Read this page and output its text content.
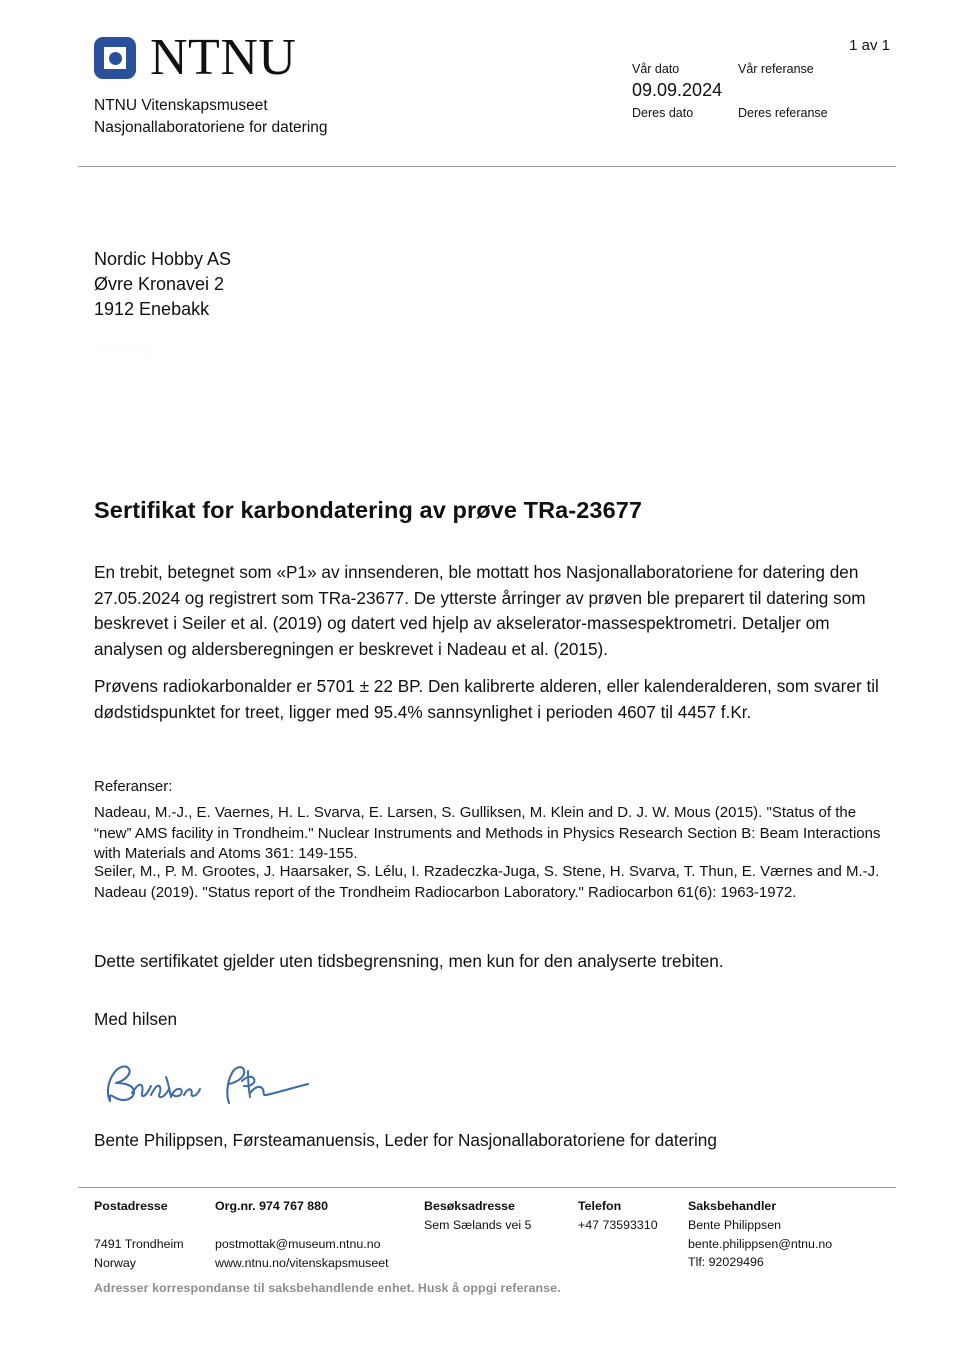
NTNU
NTNU Vitenskapsmuseet
Nasjonallaboratoriene for datering
1 av 1
Vår dato	Vår referanse
09.09.2024
Deres dato	Deres referanse
Nordic Hobby AS
Øvre Kronavei 2
1912 Enebakk
[redacted]
Sertifikat for karbondatering av prøve TRa-23677
En trebit, betegnet som «P1» av innsenderen, ble mottatt hos Nasjonallaboratoriene for datering den 27.05.2024 og registrert som TRa-23677. De ytterste årringer av prøven ble preparert til datering som beskrevet i Seiler et al. (2019) og datert ved hjelp av akselerator-massespektrometri. Detaljer om analysen og aldersberegningen er beskrevet i Nadeau et al. (2015).
Prøvens radiokarbonalder er 5701 ± 22 BP. Den kalibrerte alderen, eller kalenderalderen, som svarer til dødstidspunktet for treet, ligger med 95.4% sannsynlighet i perioden 4607 til 4457 f.Kr.
Referanser:
Nadeau, M.-J., E. Vaernes, H. L. Svarva, E. Larsen, S. Gulliksen, M. Klein and D. J. W. Mous (2015). "Status of the “new” AMS facility in Trondheim." Nuclear Instruments and Methods in Physics Research Section B: Beam Interactions with Materials and Atoms 361: 149-155.
Seiler, M., P. M. Grootes, J. Haarsaker, S. Lélu, I. Rzadeczka-Juga, S. Stene, H. Svarva, T. Thun, E. Værnes and M.-J. Nadeau (2019). "Status report of the Trondheim Radiocarbon Laboratory." Radiocarbon 61(6): 1963-1972.
Dette sertifikatet gjelder uten tidsbegrensning, men kun for den analyserte trebiten.
Med hilsen
Bente Philippsen, Førsteamanuensis, Leder for Nasjonallaboratoriene for datering
Postadresse
7491 Trondheim
Norway
Org.nr. 974 767 880
postmottak@museum.ntnu.no
www.ntnu.no/vitenskapsmuseet
Besøksadresse
Sem Sælands vei 5
Telefon
+47 73593310
Saksbehandler
Bente Philippsen
bente.philippsen@ntnu.no
Tlf: 92029496
Adresser korrespondanse til saksbehandlende enhet. Husk å oppgi referanse.
